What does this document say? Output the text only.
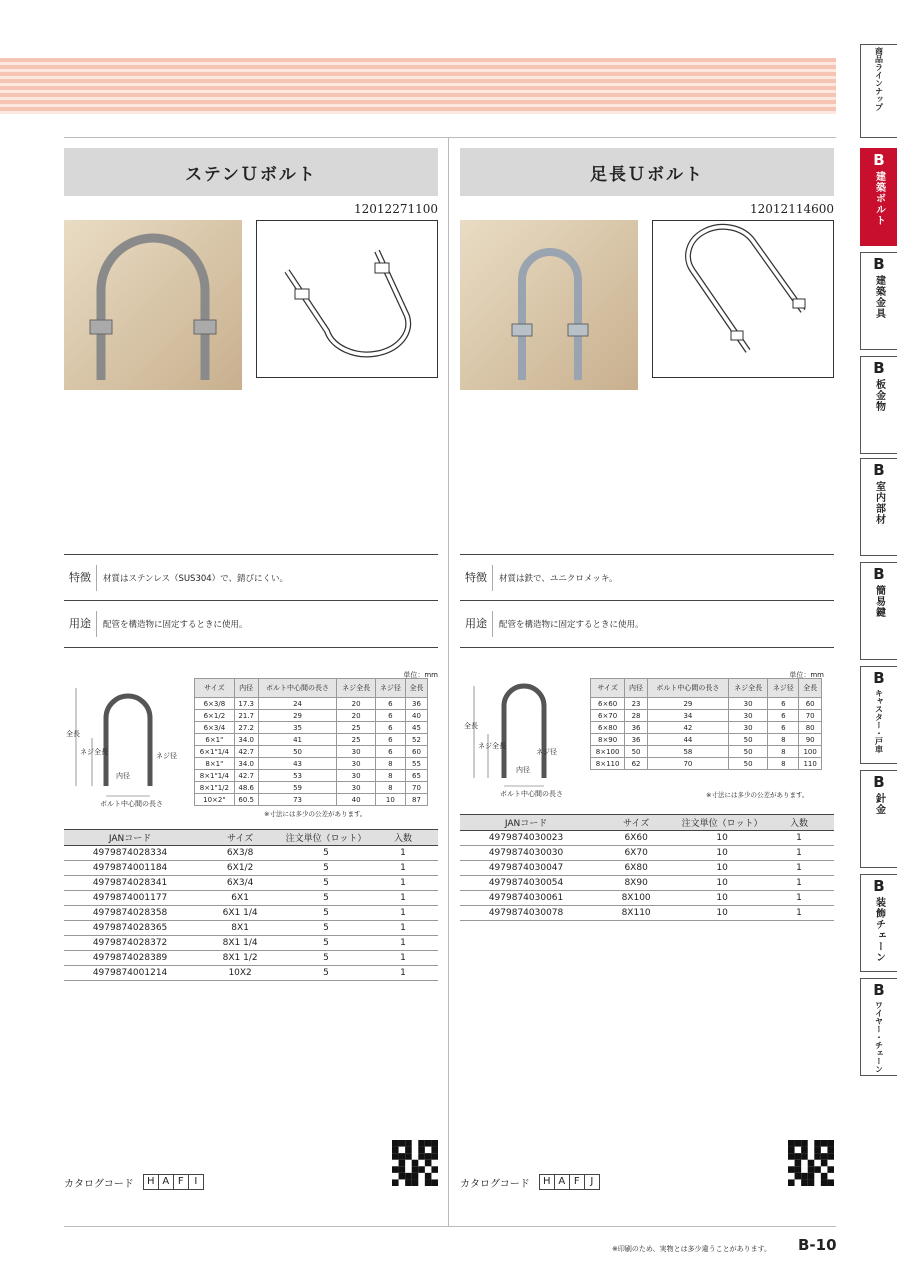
ステンＵボルト
12012271100
特徴	材質はステンレス（SUS304）で、錆びにくい。
用途	配管を構造物に固定するときに使用。
単位：mm
全長
ネジ全長	ネジ径
内径
ボルト中心間の長さ
サイズ	内径	ボルト中心間の長さ	ネジ全長	ネジ径	全長
6×3/8	17.3	24	20	6	36
6×1/2	21.7	29	20	6	40
6×3/4	27.2	35	25	6	45
6×1"	34.0	41	25	6	52
6×1"1/4	42.7	50	30	6	60
8×1"	34.0	43	30	8	55
8×1"1/4	42.7	53	30	8	65
8×1"1/2	48.6	59	30	8	70
10×2"	60.5	73	40	10	87
※寸法には多少の公差があります。
JANコード	サイズ	注文単位（ロット）	入数
4979874028334	6X3/8	5	1
4979874001184	6X1/2	5	1
4979874028341	6X3/4	5	1
4979874001177	6X1	5	1
4979874028358	6X1 1/4	5	1
4979874028365	8X1	5	1
4979874028372	8X1 1/4	5	1
4979874028389	8X1 1/2	5	1
4979874001214	10X2	5	1
カタログコード	H A F	I
足長Ｕボルト
12012114600
特徴	材質は鉄で、ユニクロメッキ。
用途	配管を構造物に固定するときに使用。
単位：mm
全長
ネジ全長
ネジ径
内径
ボルト中心間の長さ
サイズ	内径	ボルト中心間の長さ	ネジ全長	ネジ径	全長
6×60	23	29	30	6	60
6×70	28	34	30	6	70
6×80	36	42	30	6	80
8×90	36	44	50	8	90
8×100	50	58	50	8	100
8×110	62	70	50	8	110
※寸法には多少の公差があります。
JANコード	サイズ	注文単位（ロット）	入数
4979874030023	6X60	10	1
4979874030030	6X70	10	1
4979874030047	6X80	10	1
4979874030054	8X90	10	1
4979874030061	8X100	10	1
4979874030078	8X110	10	1
カタログコード	H A F	J
商品ラインナップ
B
建築ボルト
B
建築金具
B
板金物
B
室内部材
B
簡易鍵
B
キャスター・戸車
B
針金
B
装飾チェーン
B
ワイヤー・チェーン
※印刷のため、実物とは多少違うことがあります。 B-10
